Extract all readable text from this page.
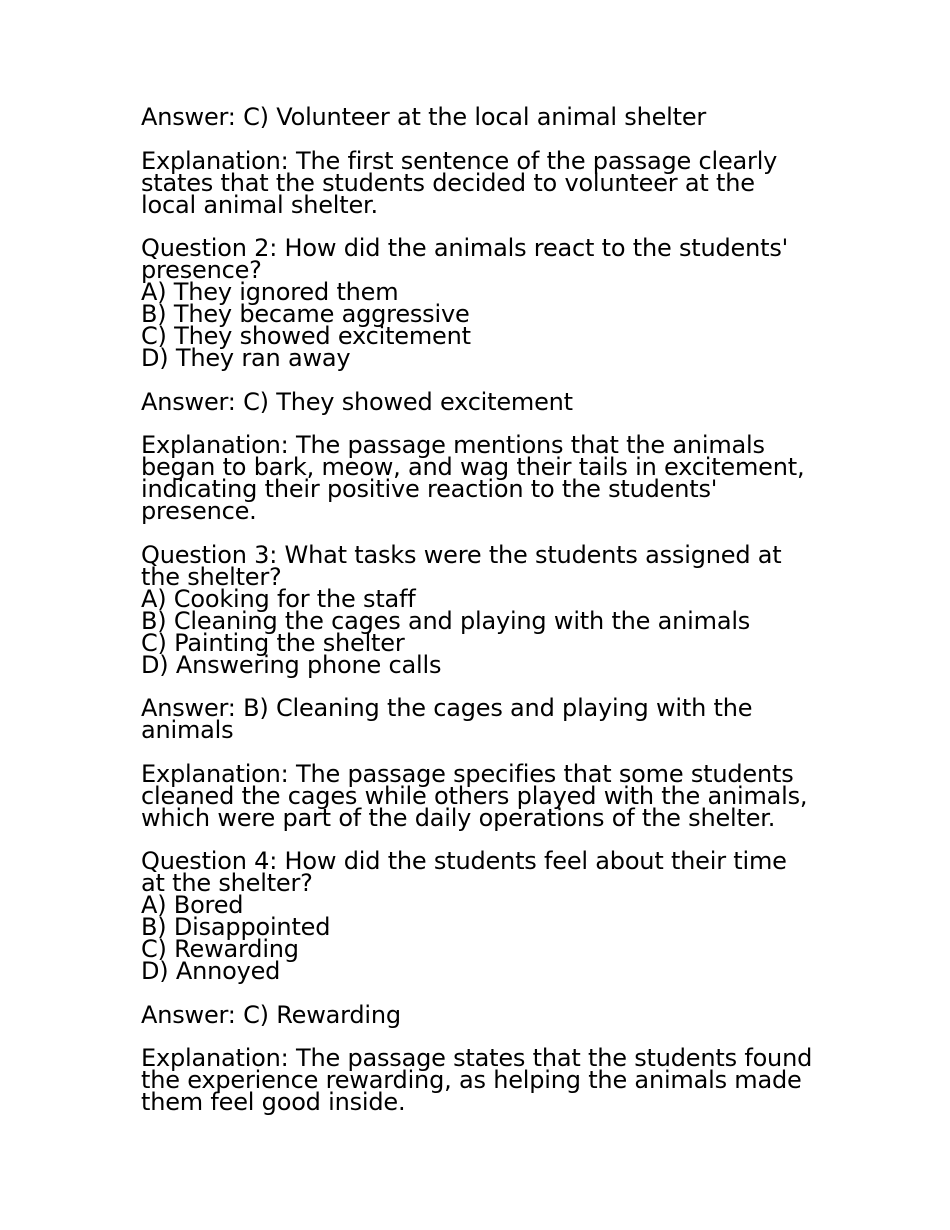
Answer: C) Volunteer at the local animal shelter
Explanation: The first sentence of the passage clearly
states that the students decided to volunteer at the
local animal shelter.
Question 2: How did the animals react to the students'
presence?
A) They ignored them
B) They became aggressive
C) They showed excitement
D) They ran away
Answer: C) They showed excitement
Explanation: The passage mentions that the animals
began to bark, meow, and wag their tails in excitement,
indicating their positive reaction to the students'
presence.
Question 3: What tasks were the students assigned at
the shelter?
A) Cooking for the staff
B) Cleaning the cages and playing with the animals
C) Painting the shelter
D) Answering phone calls
Answer: B) Cleaning the cages and playing with the
animals
Explanation: The passage specifies that some students
cleaned the cages while others played with the animals,
which were part of the daily operations of the shelter.
Question 4: How did the students feel about their time
at the shelter?
A) Bored
B) Disappointed
C) Rewarding
D) Annoyed
Answer: C) Rewarding
Explanation: The passage states that the students found
the experience rewarding, as helping the animals made
them feel good inside.
